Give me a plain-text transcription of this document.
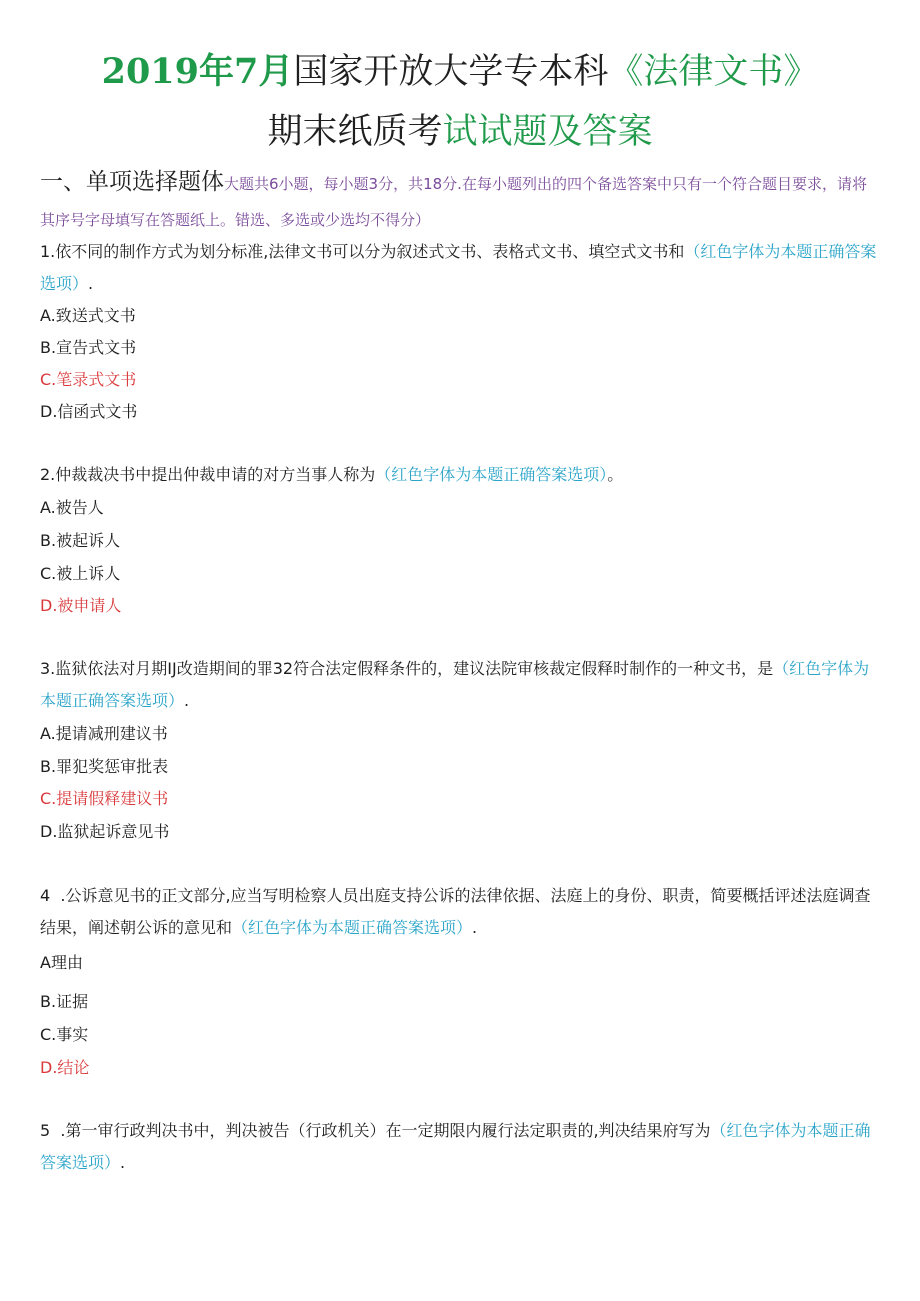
2019年7月国家开放大学专本科《法律文书》
期末纸质考试试题及答案
一、单项选择题体大题共6小题，每小题3分，共18分.在每小题列出的四个备选答案中只有一个符合题目要求，请将其序号字母填写在答题纸上。错选、多选或少选均不得分）
1.依不同的制作方式为划分标准,法律文书可以分为叙述式文书、表格式文书、填空式文书和（红色字体为本题正确答案选项）.
A.致送式文书
B.宣告式文书
C.笔录式文书
D.信函式文书
2.仲裁裁决书中提出仲裁申请的对方当事人称为（红色字体为本题正确答案选项）。
A.被告人
B.被起诉人
C.被上诉人
D.被申请人
3.监狱依法对月期IJ改造期间的罪32符合法定假释条件的，建议法院审核裁定假释时制作的一种文书，是（红色字体为本题正确答案选项）.
A.提请减刑建议书
B.罪犯奖惩审批表
C.提请假释建议书
D.监狱起诉意见书
4  .公诉意见书的正文部分,应当写明检察人员出庭支持公诉的法律依据、法庭上的身份、职责，简要概括评述法庭调查结果，阐述朝公诉的意见和（红色字体为本题正确答案选项）.
A理由
B.证据
C.事实
D.结论
5  .第一审行政判决书中，判决被告（行政机关）在一定期限内履行法定职责的,判决结果府写为（红色字体为本题正确答案选项）.
